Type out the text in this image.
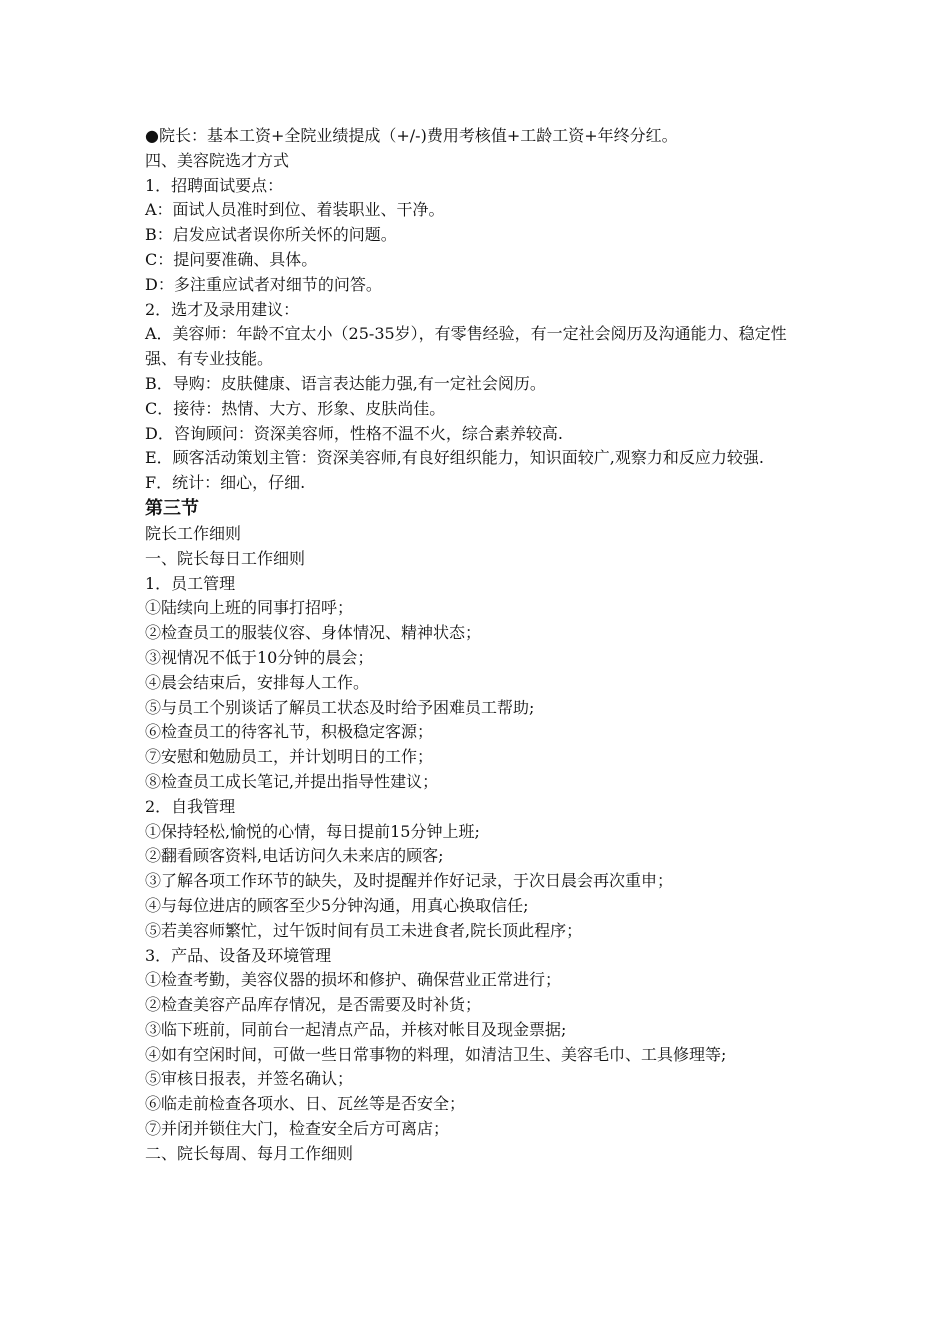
●院长：基本工资+全院业绩提成（+/-)费用考核值+工龄工资+年终分红。
四、美容院选才方式
1．招聘面试要点：
A：面试人员准时到位、着装职业、干净。
B：启发应试者误你所关怀的问题。
C：提问要准确、具体。
D：多注重应试者对细节的问答。
2．选才及录用建议：
A．美容师：年龄不宜太小（25-35岁），有零售经验，有一定社会阅历及沟通能力、稳定性强、有专业技能。
B．导购：皮肤健康、语言表达能力强,有一定社会阅历。
C．接待：热情、大方、形象、皮肤尚佳。
D．咨询顾问：资深美容师，性格不温不火，综合素养较高.
E．顾客活动策划主管：资深美容师,有良好组织能力，知识面较广,观察力和反应力较强.
F．统计：细心，仔细.
第三节
院长工作细则
一、院长每日工作细则
1．员工管理
①陆续向上班的同事打招呼；
②检查员工的服装仪容、身体情况、精神状态；
③视情况不低于10分钟的晨会；
④晨会结束后，安排每人工作。
⑤与员工个别谈话了解员工状态及时给予困难员工帮助;
⑥检查员工的待客礼节，积极稳定客源；
⑦安慰和勉励员工，并计划明日的工作；
⑧检查员工成长笔记,并提出指导性建议；
2．自我管理
①保持轻松,愉悦的心情，每日提前15分钟上班;
②翻看顾客资料,电话访问久未来店的顾客;
③了解各项工作环节的缺失，及时提醒并作好记录，于次日晨会再次重申；
④与每位进店的顾客至少5分钟沟通，用真心换取信任;
⑤若美容师繁忙，过午饭时间有员工未进食者,院长顶此程序；
3．产品、设备及环境管理
①检查考勤，美容仪器的损坏和修护、确保营业正常进行；
②检查美容产品库存情况，是否需要及时补货；
③临下班前，同前台一起清点产品，并核对帐目及现金票据;
④如有空闲时间，可做一些日常事物的料理，如清洁卫生、美容毛巾、工具修理等;
⑤审核日报表，并签名确认；
⑥临走前检查各项水、日、瓦丝等是否安全；
⑦并闭并锁住大门，检查安全后方可离店；
二、院长每周、每月工作细则
